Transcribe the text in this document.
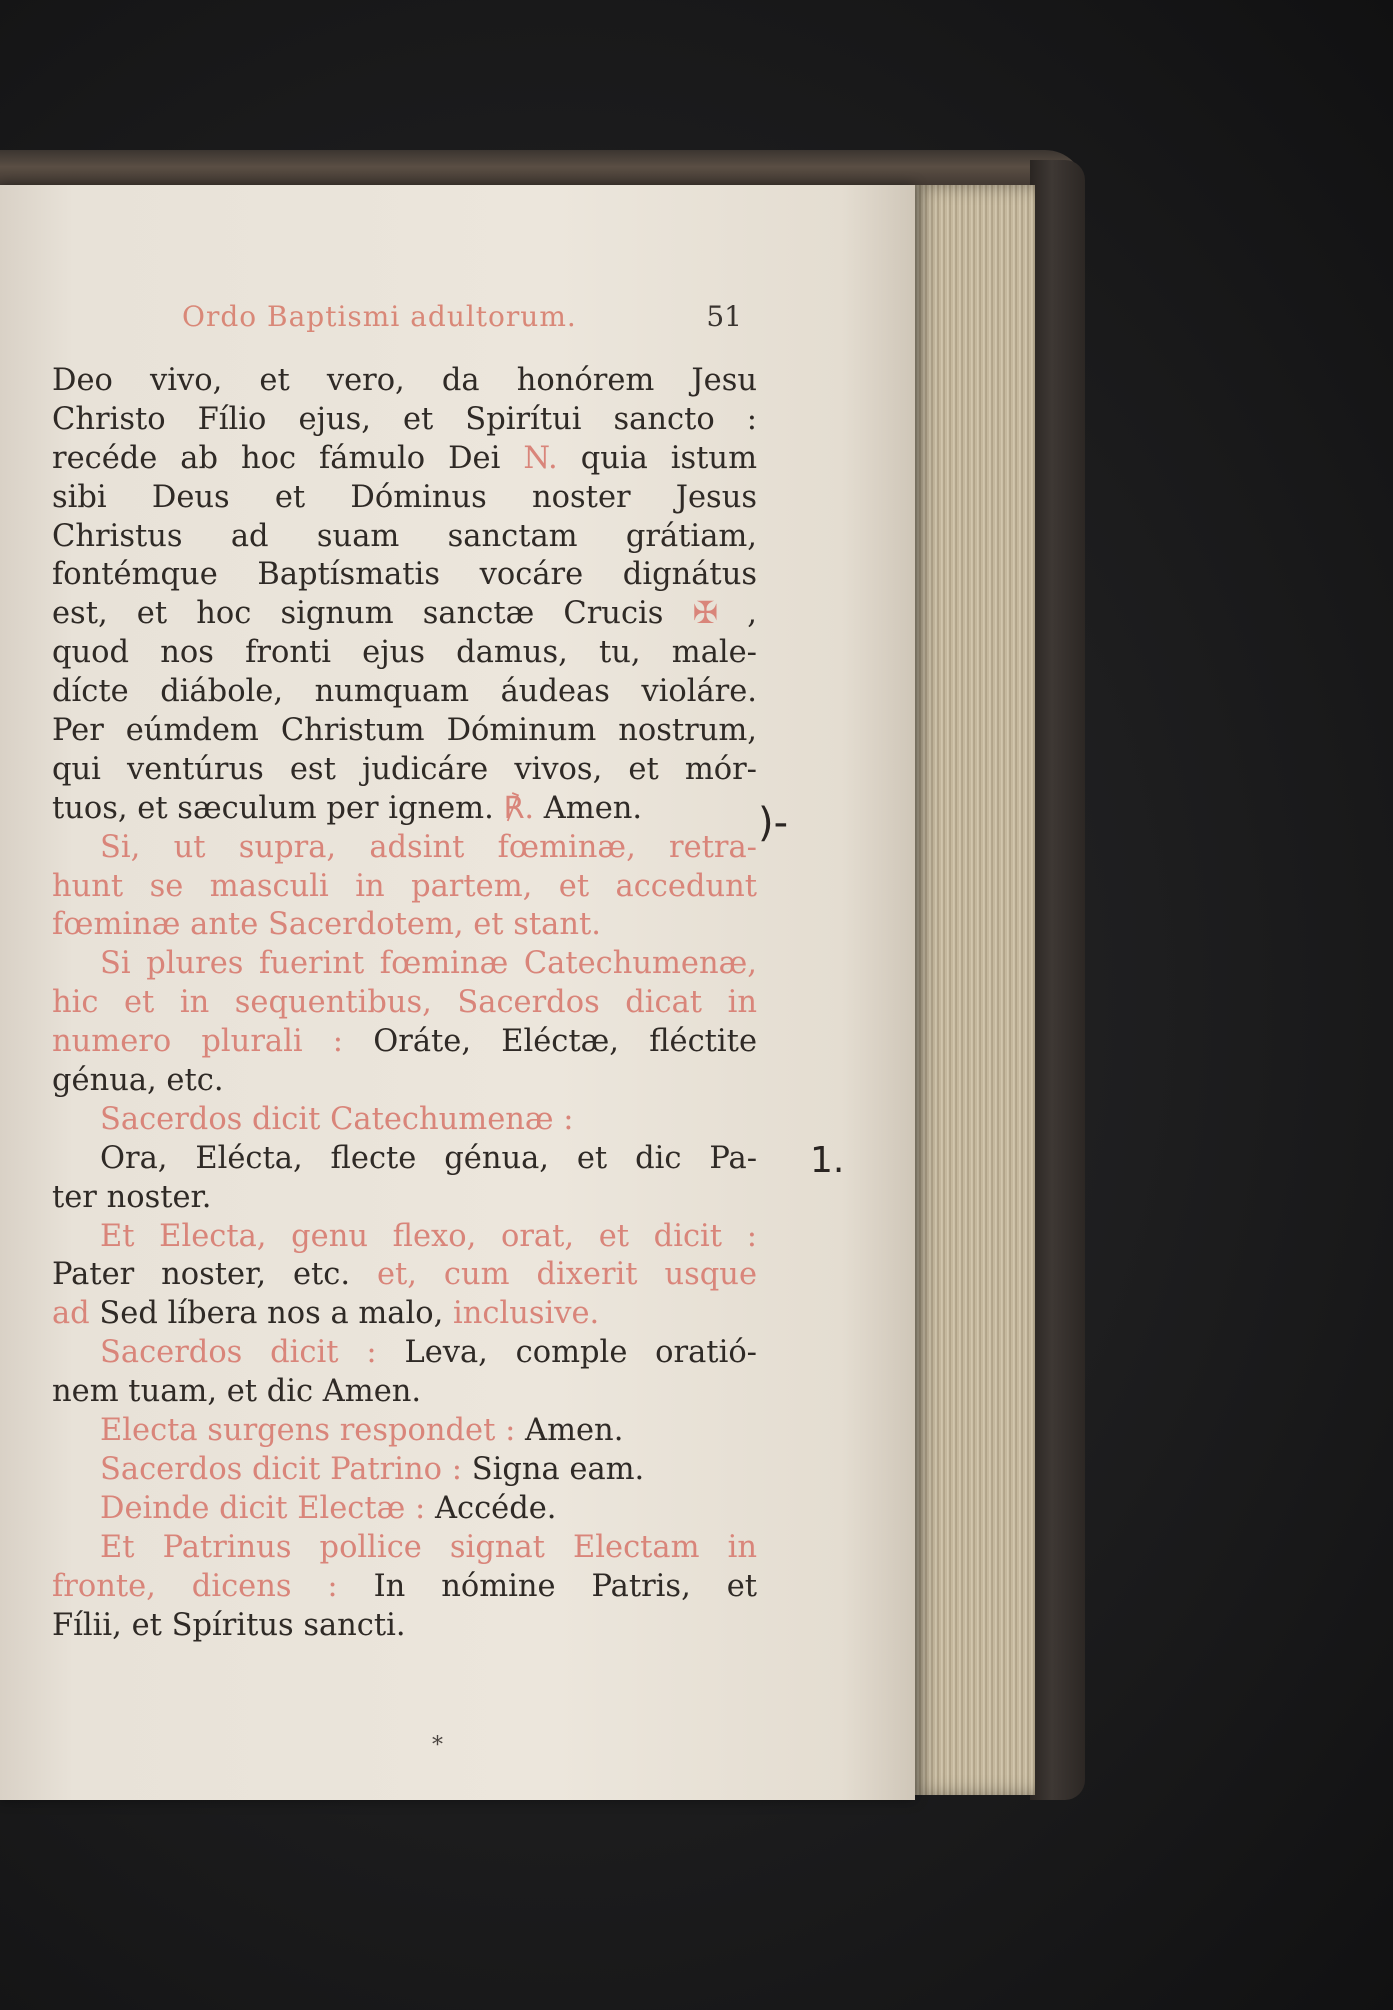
Ordo Baptismi adultorum.	51
Deo vivo, et vero, da honórem Jesu
Christo Fílio ejus, et Spirítui sancto :
recéde ab hoc fámulo Dei N. quia istum
sibi Deus et Dóminus noster Jesus
Christus ad suam sanctam grátiam,
fontémque Baptísmatis vocáre dignátus
est, et hoc signum sanctæ Crucis ✠ ,
quod nos fronti ejus damus, tu, male-
dícte diábole, numquam áudeas violáre.
Per eúmdem Christum Dóminum nostrum,
qui ventúrus est judicáre vivos, et mór-
tuos, et sæculum per ignem. ℟. Amen.
Si, ut supra, adsint fœminæ, retra-
hunt se masculi in partem, et accedunt
fœminæ ante Sacerdotem, et stant.
Si plures fuerint fœminæ Catechumenæ,
hic et in sequentibus, Sacerdos dicat in
numero plurali : Oráte, Eléctæ, fléctite
génua, etc.
Sacerdos dicit Catechumenæ :
Ora, Elécta, flecte génua, et dic Pa-
ter noster.
Et Electa, genu flexo, orat, et dicit :
Pater noster, etc. et, cum dixerit usque
ad Sed líbera nos a malo, inclusive.
Sacerdos dicit : Leva, comple oratió-
nem tuam, et dic Amen.
Electa surgens respondet : Amen.
Sacerdos dicit Patrino : Signa eam.
Deinde dicit Electæ : Accéde.
Et Patrinus pollice signat Electam in
fronte, dicens : In nómine Patris, et
Fílii, et Spíritus sancti.
)-
1.
*
